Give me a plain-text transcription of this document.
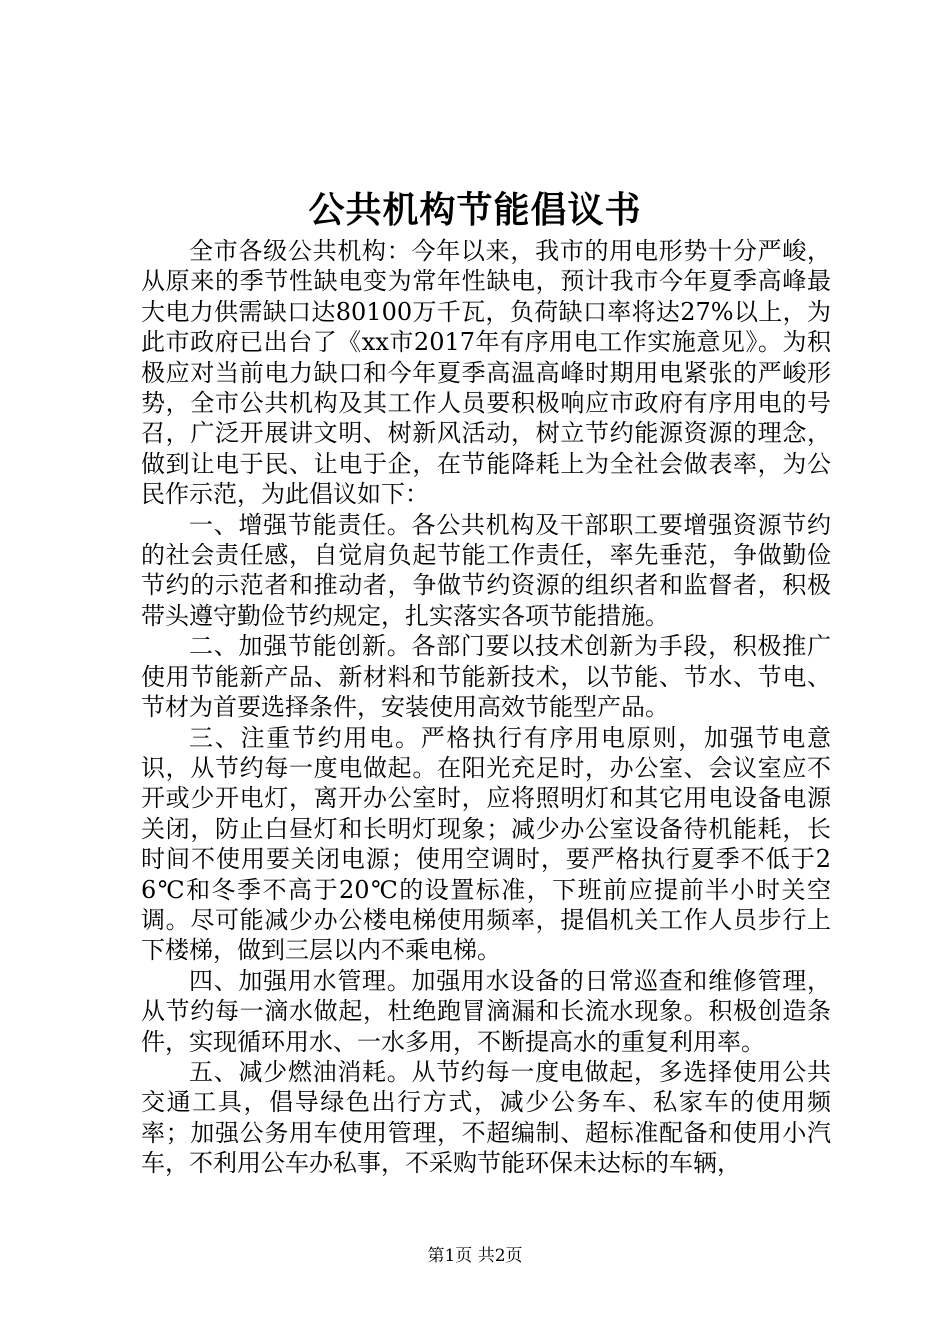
公共机构节能倡议书

全市各级公共机构：今年以来，我市的用电形势十分严峻，从原来的季节性缺电变为常年性缺电，预计我市今年夏季高峰最大电力供需缺口达80100万千瓦，负荷缺口率将达27%以上，为此市政府已出台了《xx市2017年有序用电工作实施意见》。为积极应对当前电力缺口和今年夏季高温高峰时期用电紧张的严峻形势，全市公共机构及其工作人员要积极响应市政府有序用电的号召，广泛开展讲文明、树新风活动，树立节约能源资源的理念，做到让电于民、让电于企，在节能降耗上为全社会做表率，为公民作示范，为此倡议如下：

一、增强节能责任。各公共机构及干部职工要增强资源节约的社会责任感，自觉肩负起节能工作责任，率先垂范，争做勤俭节约的示范者和推动者，争做节约资源的组织者和监督者，积极带头遵守勤俭节约规定，扎实落实各项节能措施。

二、加强节能创新。各部门要以技术创新为手段，积极推广使用节能新产品、新材料和节能新技术，以节能、节水、节电、节材为首要选择条件，安装使用高效节能型产品。

三、注重节约用电。严格执行有序用电原则，加强节电意识，从节约每一度电做起。在阳光充足时，办公室、会议室应不开或少开电灯，离开办公室时，应将照明灯和其它用电设备电源关闭，防止白昼灯和长明灯现象；减少办公室设备待机能耗，长时间不使用要关闭电源；使用空调时，要严格执行夏季不低于26℃和冬季不高于20℃的设置标准，下班前应提前半小时关空调。尽可能减少办公楼电梯使用频率，提倡机关工作人员步行上下楼梯，做到三层以内不乘电梯。

四、加强用水管理。加强用水设备的日常巡查和维修管理，从节约每一滴水做起，杜绝跑冒滴漏和长流水现象。积极创造条件，实现循环用水、一水多用，不断提高水的重复利用率。

五、减少燃油消耗。从节约每一度电做起，多选择使用公共交通工具，倡导绿色出行方式，减少公务车、私家车的使用频率；加强公务用车使用管理，不超编制、超标准配备和使用小汽车，不利用公车办私事，不采购节能环保未达标的车辆，

第1页 共2页
